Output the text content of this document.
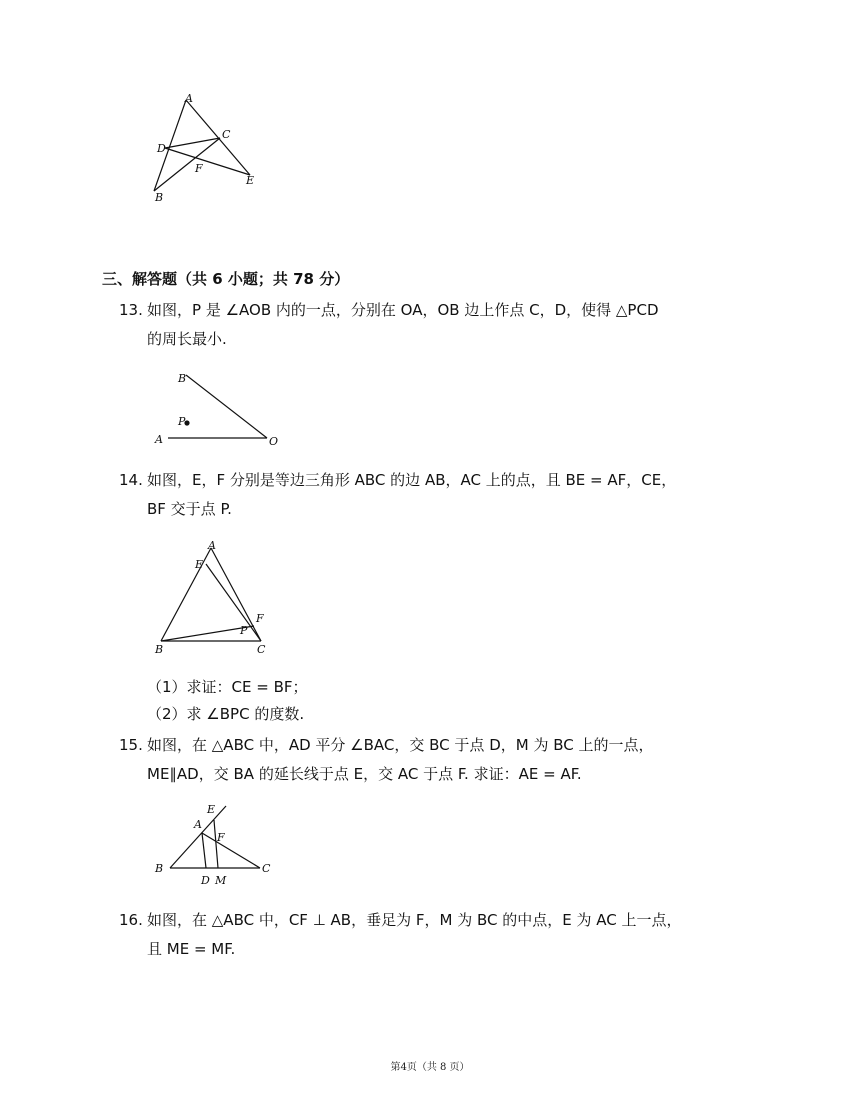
A
C
D
F
E
B
三、解答题（共 6 小题；共 78 分）
13. 如图，P 是 ∠AOB 内的一点，分别在 OA，OB 边上作点 C，D，使得 △PCD
的周长最小.
B
P
A	O
14. 如图，E，F 分别是等边三角形 ABC 的边 AB，AC 上的点，且 BE = AF，CE，
BF 交于点 P.
A
E
F
P
B	C
（1）求证：CE = BF；
（2）求 ∠BPC 的度数.
15. 如图，在 △ABC 中，AD 平分 ∠BAC，交 BC 于点 D，M 为 BC 上的一点，
ME∥AD，交 BA 的延长线于点 E，交 AC 于点 F. 求证：AE = AF.
E
A
F
B
D M
C
16. 如图，在 △ABC 中，CF ⊥ AB，垂足为 F，M 为 BC 的中点，E 为 AC 上一点，
且 ME = MF.
第4页（共 8 页）
